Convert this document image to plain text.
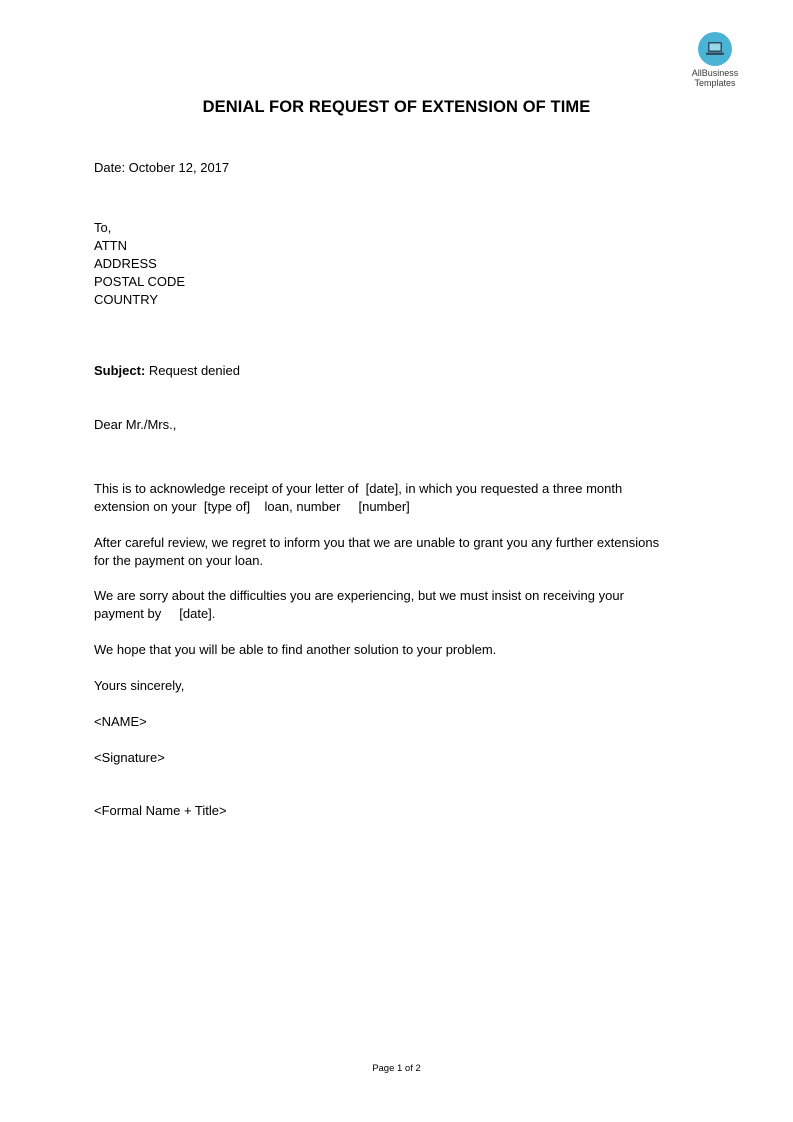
AllBusiness
Templates
DENIAL FOR REQUEST OF EXTENSION OF TIME

Date: October 12, 2017

To,

ATTN

ADDRESS

POSTAL CODE

COUNTRY

Subject: Request denied

Dear Mr./Mrs.,

This is to acknowledge receipt of your letter of  [date], in which you requested a three month

extension on your  [type of]    loan, number     [number]

After careful review, we regret to inform you that we are unable to grant you any further extensions

for the payment on your loan.

We are sorry about the difficulties you are experiencing, but we must insist on receiving your

payment by     [date].

We hope that you will be able to find another solution to your problem.

Yours sincerely,

<NAME>

<Signature>

<Formal Name + Title>

Page 1 of 2
